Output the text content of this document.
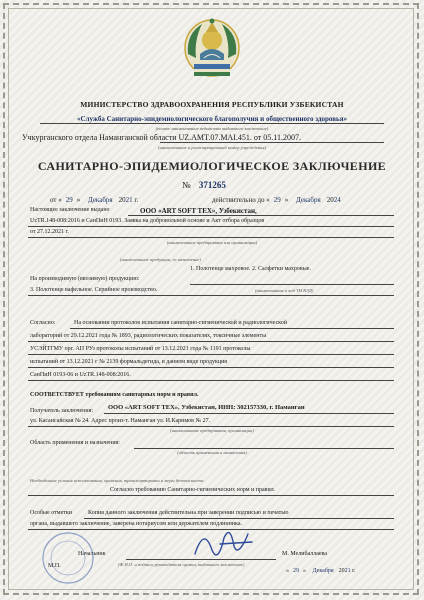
МИНИСТЕРСТВО ЗДРАВООХРАНЕНИЯ РЕСПУБЛИКИ УЗБЕКИСТАН
«Служба Санитарно-эпидемиологического благополучия и общественного здоровья»
(полное наименование ведомства выдавшего заключение)
Учкурганского отдела Наманганской области UZ.AMT.07.MAI.451. от 05.11.2007.
(наименование и регистрационный номер учреждения)
САНИТАРНО-ЭПИДЕМИОЛОГИЧЕСКОЕ ЗАКЛЮЧЕНИЕ
№ 371265
от « 29 » Декабря 2021 г.	действительно до « 29 » Декабря 2024
Настоящее заключение выдано	ООО «ART SOFT TEX», Узбекистан,
UzTR.148-008:2016 и СанПиН 0193. Заявка на добровольной основе и Акт отбора образцов
от 27.12.2021 г.
(наименование предприятия или организации)
(наименование продукции, ее назначение)
1. Полотенце махровое. 2. Салфетки махровые.
На производимую (ввозимую) продукцию:
3. Полотенце вафельное. Серийное производство.	(наименование и код ТН ВЭД)
Согласно:	На основании протоколов испытания санитарно-гигиенической и радиологической
лабораторий от 29.12.2021 года № 1893, радиологических показателях, токсичные элементы
УСЭЙТГМУ орг. АП РУз протоколы испытаний от 13.12.2021 года № 1191 протоколы
испытаний от 13.12.2021 г № 2139 формальдегида, в данном виде продукция
СанПиН 0193-06 и UzTR.148-008:2016.
СООТВЕТСТВУЕТ требованиям санитарных норм и правил.
Получатель заключения: ООО «ART SOFT TEX», Узбекистан, ИНН: 302157330, г. Наманган
ул. Касансайская № 24. Адрес произ-т. Наманган ул. И.Каримов № 27.
(наименование предприятия, организации)
Область применения и назначения:
(область применения и назначения)
Необходимые условия использования, хранения, транспортировки и меры безопасности:
Согласно требованию Санитарно-гигиенических норм и правил.
Особые отметки	Копия данного заключения действительна при заверении подписью и печатью
органа, выдавшего заключение, заверена нотариусом или держателем подлинника.
Начальник	М. Мелибаллаева
(Ф.И.О. и подпись руководителя органа, выдавшего заключение)
М.П.
« 29 » Декабря 2021 г.
